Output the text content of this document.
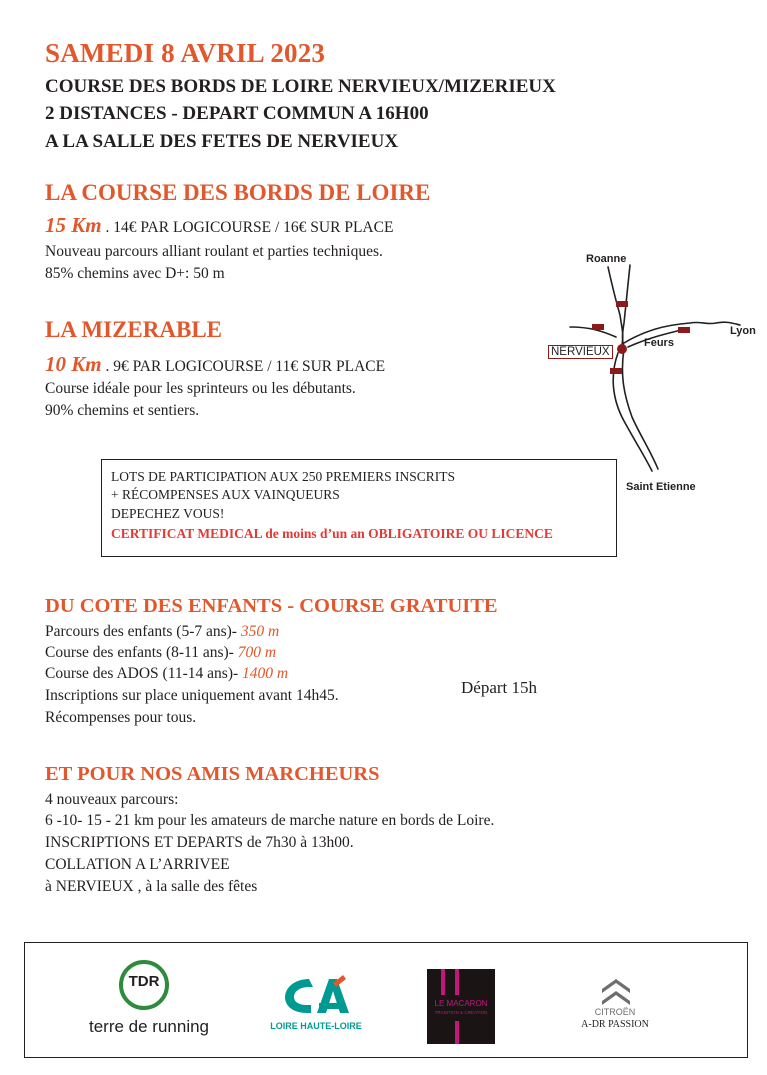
SAMEDI 8 AVRIL 2023
COURSE DES BORDS DE LOIRE NERVIEUX/MIZERIEUX
2 DISTANCES - DEPART COMMUN A 16H00
A LA SALLE DES FETES DE NERVIEUX
LA COURSE DES BORDS DE LOIRE
15 Km . 14€ PAR LOGICOURSE / 16€ SUR PLACE
Nouveau parcours alliant roulant et parties techniques.
85% chemins avec D+: 50 m
LA MIZERABLE
10 Km . 9€ PAR LOGICOURSE / 11€ SUR PLACE
Course idéale pour les sprinteurs ou les débutants.
90% chemins et sentiers.
Roanne
NERVIEUX
Feurs
Lyon
Saint Etienne
LOTS DE PARTICIPATION AUX 250 PREMIERS INSCRITS
+ RÉCOMPENSES AUX VAINQUEURS
DEPECHEZ VOUS!
CERTIFICAT MEDICAL de moins d’un an OBLIGATOIRE OU LICENCE
DU COTE DES ENFANTS - COURSE GRATUITE
Parcours des enfants (5-7 ans)- 350 m
Course des enfants (8-11 ans)- 700 m
Course des ADOS (11-14 ans)- 1400 m
Inscriptions sur place uniquement avant 14h45.
Récompenses pour tous.
Départ 15h
ET POUR NOS AMIS MARCHEURS
4 nouveaux parcours:
6 -10- 15 - 21 km pour les amateurs de marche nature en bords de Loire.
INSCRIPTIONS ET DEPARTS de 7h30 à 13h00.
COLLATION A L’ARRIVEE
à NERVIEUX , à la salle des fêtes
TDR
terre de running	LOIRE HAUTE-LOIRE
LE MACARON
TRADITION & CREATION	CITROËN
A-DR PASSION
